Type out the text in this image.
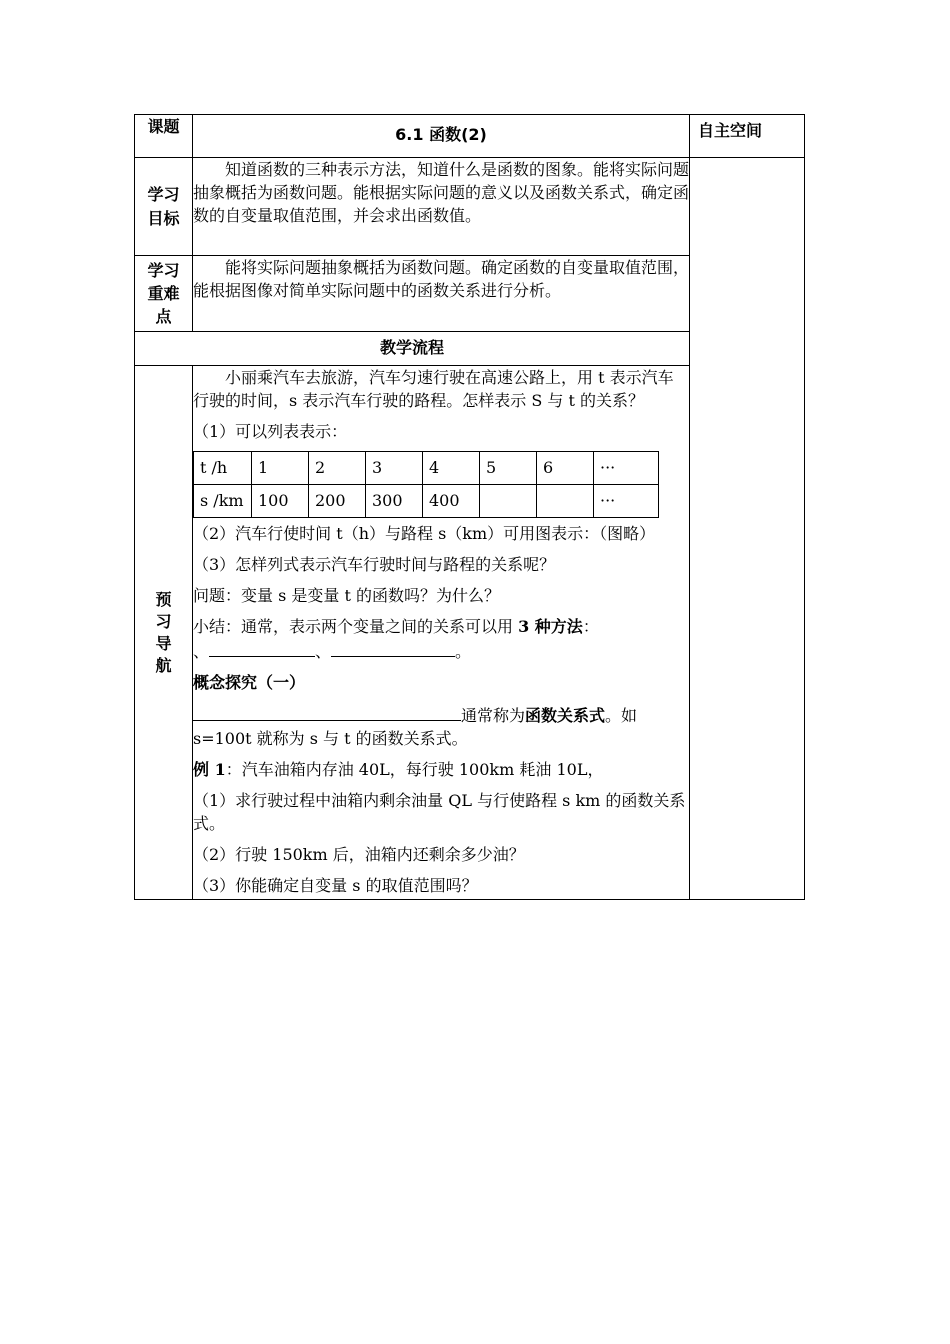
课题	6.1 函数(2)	自主空间

学习
目标
	知道函数的三种表示方法，知道什么是函数的图象。能将实际问题抽象概括为函数问题。能根据实际问题的意义以及函数关系式，确定函数的自变量取值范围，并会求出函数值。	

学习
重难
点
	能将实际问题抽象概括为函数问题。确定函数的自变量取值范围，能根据图像对简单实际问题中的函数关系进行分析。
教学流程

预
习
导
航

小丽乘汽车去旅游，汽车匀速行驶在高速公路上，用 t 表示汽车行驶的时间，s 表示汽车行驶的路程。怎样表示 S 与 t 的关系？

（1）可以列表表示：

t /h	1	2	3	4	5	6	···
s /km	100	200	300	400			···

（2）汽车行使时间 t（h）与路程 s（km）可用图表示：（图略）

（3）怎样列式表示汽车行驶时间与路程的关系呢？

问题：变量 s 是变量 t 的函数吗？为什么？

小结：通常，表示两个变量之间的关系可以用 3 种方法：
、	、	。

概念探究（一）

通常称为函数关系式。如 s=100t 就称为 s 与 t 的函数关系式。

例 1：汽车油箱内存油 40L，每行驶 100km 耗油 10L，

（1）求行驶过程中油箱内剩余油量 QL 与行使路程 s km 的函数关系式。

（2）行驶 150km 后，油箱内还剩余多少油？

（3）你能确定自变量 s 的取值范围吗？
